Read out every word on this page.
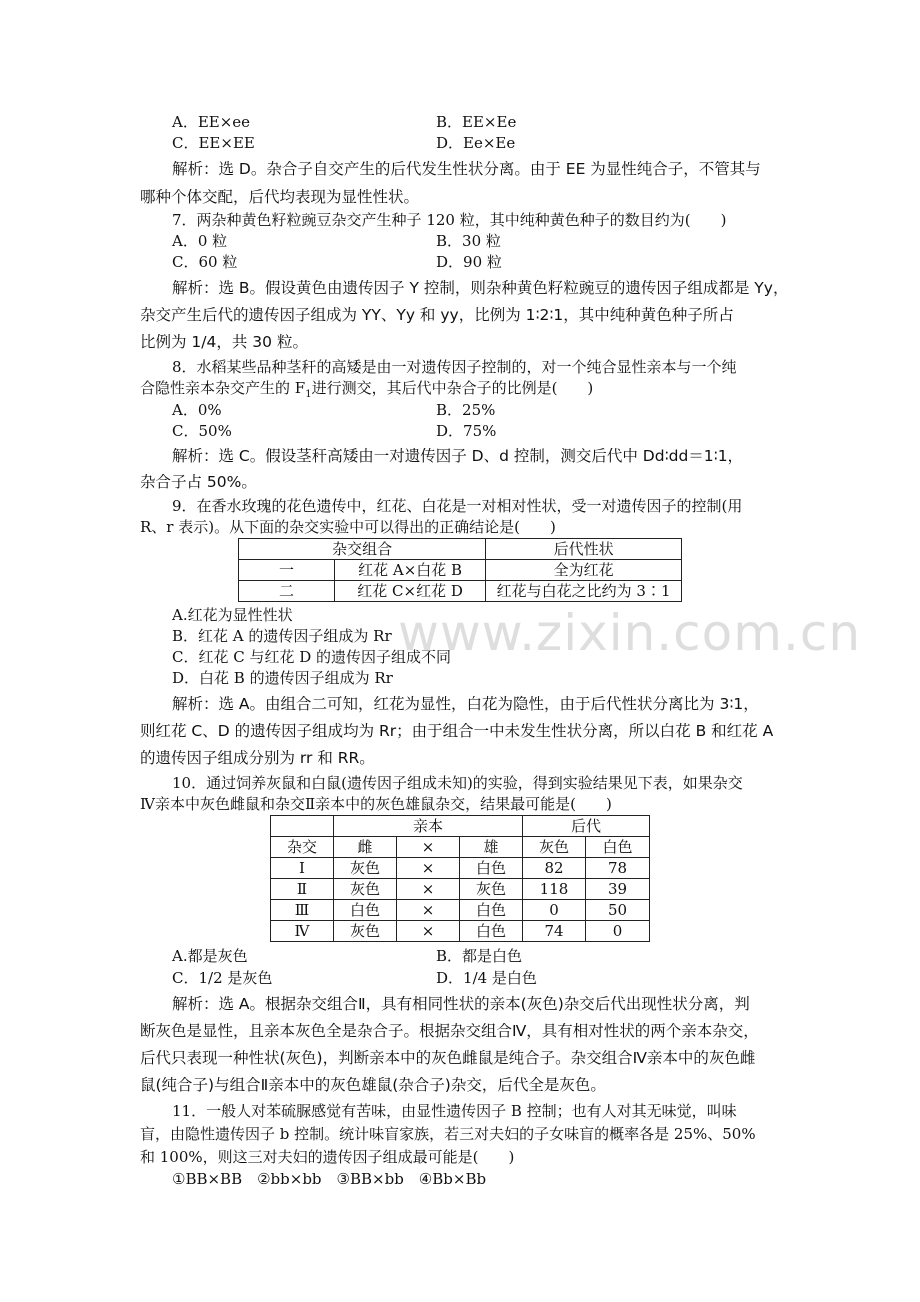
www.zixin.com.cn
A．EE×ee	B．EE×Ee
C．EE×EE	D．Ee×Ee
解析：选 D。杂合子自交产生的后代发生性状分离。由于 EE 为显性纯合子，不管其与
哪种个体交配，后代均表现为显性性状。
7．两杂种黄色籽粒豌豆杂交产生种子 120 粒，其中纯种黄色种子的数目约为(　　)
A．0 粒	B．30 粒
C．60 粒	D．90 粒
解析：选 B。假设黄色由遗传因子 Y 控制，则杂种黄色籽粒豌豆的遗传因子组成都是 Yy，
杂交产生后代的遗传因子组成为 YY、Yy 和 yy，比例为 1∶2∶1，其中纯种黄色种子所占
比例为 1/4，共 30 粒。
8．水稻某些品种茎秆的高矮是由一对遗传因子控制的，对一个纯合显性亲本与一个纯
合隐性亲本杂交产生的 $F_1$进行测交，其后代中杂合子的比例是(　　)
A．0%	B．25%
C．50%	D．75%
解析：选 C。假设茎秆高矮由一对遗传因子 D、d 控制，测交后代中 Dd∶dd＝1∶1，
杂合子占 50%。
9．在香水玫瑰的花色遗传中，红花、白花是一对相对性状，受一对遗传因子的控制(用
R、r 表示)。从下面的杂交实验中可以得出的正确结论是(　　)
杂交组合		后代性状
一	红花 A×白花 B	全为红花
二	红花 C×红花 D	红花与白花之比约为 3∶1
A.红花为显性性状
B．红花 A 的遗传因子组成为 Rr
C．红花 C 与红花 D 的遗传因子组成不同
D．白花 B 的遗传因子组成为 Rr
解析：选 A。由组合二可知，红花为显性，白花为隐性，由于后代性状分离比为 3∶1，
则红花 C、D 的遗传因子组成均为 Rr；由于组合一中未发生性状分离，所以白花 B 和红花 A
的遗传因子组成分别为 rr 和 RR。
10．通过饲养灰鼠和白鼠(遗传因子组成未知)的实验，得到实验结果见下表，如果杂交
Ⅳ亲本中灰色雌鼠和杂交Ⅱ亲本中的灰色雄鼠杂交，结果最可能是(　　)
	亲本			后代	
杂交	雌	×	雄	灰色	白色
Ⅰ	灰色	×	白色	82	78
Ⅱ	灰色	×	灰色	118	39
Ⅲ	白色	×	白色	0	50
Ⅳ	灰色	×	白色	74	0
A.都是灰色	B．都是白色
C．1/2 是灰色	D．1/4 是白色
解析：选 A。根据杂交组合Ⅱ，具有相同性状的亲本(灰色)杂交后代出现性状分离，判
断灰色是显性，且亲本灰色全是杂合子。根据杂交组合Ⅳ，具有相对性状的两个亲本杂交，
后代只表现一种性状(灰色)，判断亲本中的灰色雌鼠是纯合子。杂交组合Ⅳ亲本中的灰色雌
鼠(纯合子)与组合Ⅱ亲本中的灰色雄鼠(杂合子)杂交，后代全是灰色。
11．一般人对苯硫脲感觉有苦味，由显性遗传因子 B 控制；也有人对其无味觉，叫味
盲，由隐性遗传因子 b 控制。统计味盲家族，若三对夫妇的子女味盲的概率各是 25%、50%
和 100%，则这三对夫妇的遗传因子组成最可能是(　　)
①BB×BB　②bb×bb　③BB×bb　④Bb×Bb
